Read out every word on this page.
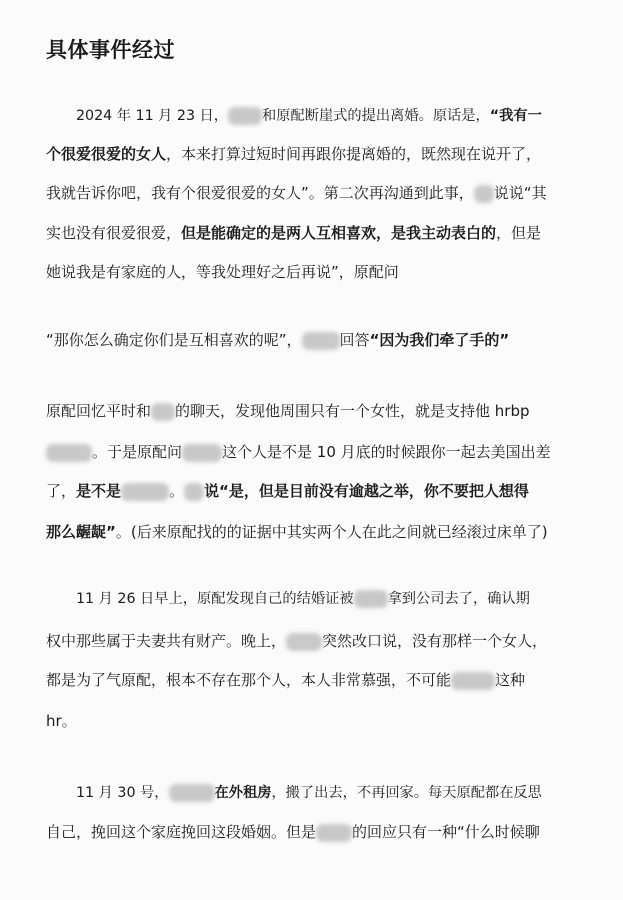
具体事件经过
2024 年 11 月 23 日， 和原配断崖式的提出离婚。原话是，“我有一
个很爱很爱的女人，本来打算过短时间再跟你提离婚的，既然现在说开了，
我就告诉你吧，我有个很爱很爱的女人”。第二次再沟通到此事， 说说“其
实也没有很爱很爱，但是能确定的是两人互相喜欢，是我主动表白的，但是
她说我是有家庭的人，等我处理好之后再说”，原配问
“那你怎么确定你们是互相喜欢的呢”，	回答“因为我们牵了手的”
原配回忆平时和 的聊天，发现他周围只有一个女性，就是支持他 hrbp
。于是原配问	这个人是不是 10 月底的时候跟你一起去美国出差
了，是不是	。 说“是，但是目前没有逾越之举，你不要把人想得
那么龌龊”。(后来原配找的的证据中其实两个人在此之间就已经滚过床单了)
11 月 26 日早上，原配发现自己的结婚证被 拿到公司去了，确认期
权中那些属于夫妻共有财产。晚上， 突然改口说，没有那样一个女人，
都是为了气原配，根本不存在那个人，本人非常慕强，不可能	这种
hr。
11 月 30 号，	在外租房，搬了出去，不再回家。每天原配都在反思
自己，挽回这个家庭挽回这段婚姻。但是 的回应只有一种“什么时候聊
